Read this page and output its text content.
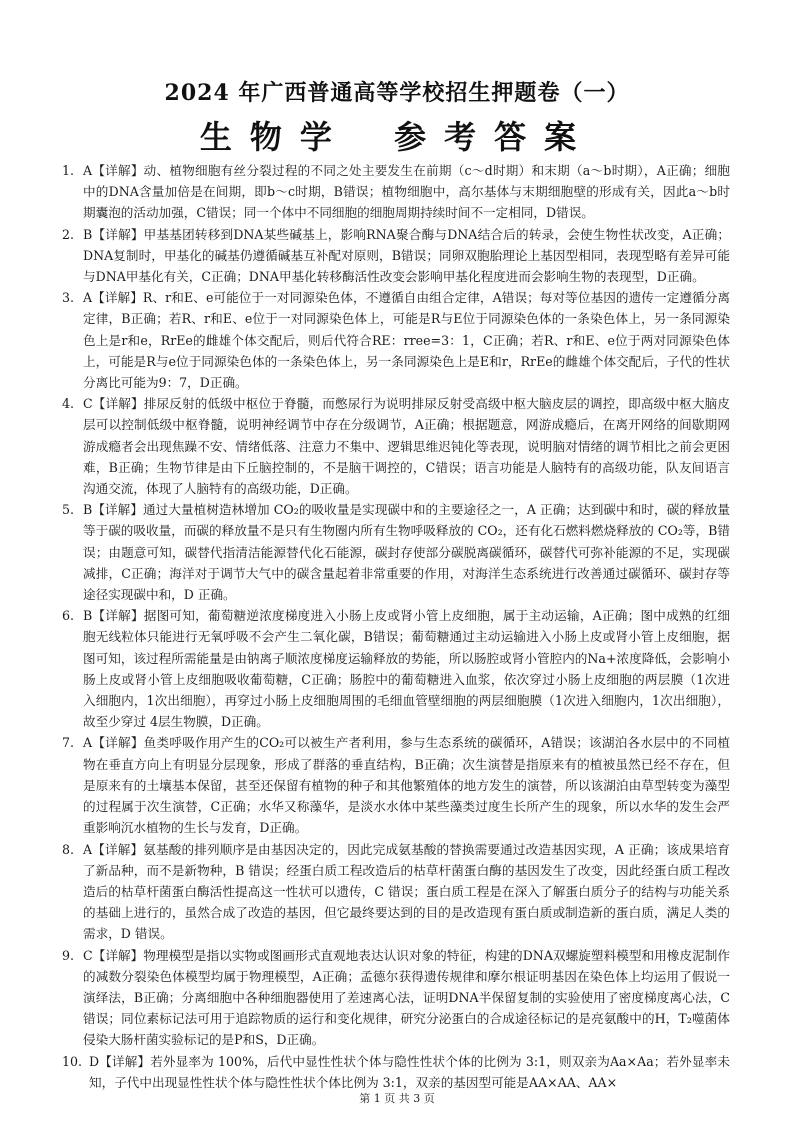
2024 年广西普通高等学校招生押题卷（一）
生物学 参考答案
1. A【详解】动、植物细胞有丝分裂过程的不同之处主要发生在前期（c～d时期）和末期（a～b时期），A正确；细胞中的DNA含量加倍是在间期，即b～c时期，B错误；植物细胞中，高尔基体与末期细胞壁的形成有关，因此a～b时期囊泡的活动加强，C错误；同一个体中不同细胞的细胞周期持续时间不一定相同，D错误。
2. B【详解】甲基基团转移到DNA某些碱基上，影响RNA聚合酶与DNA结合后的转录，会使生物性状改变，A正确；DNA复制时，甲基化的碱基仍遵循碱基互补配对原则，B错误；同卵双胞胎理论上基因型相同，表现型略有差异可能与DNA甲基化有关，C正确；DNA甲基化转移酶活性改变会影响甲基化程度进而会影响生物的表现型，D正确。
3. A【详解】R、r和E、e可能位于一对同源染色体，不遵循自由组合定律，A错误；每对等位基因的遗传一定遵循分离定律，B正确；若R、r和E、e位于一对同源染色体上，可能是R与E位于同源染色体的一条染色体上，另一条同源染色上是r和e，RrEe的雌雄个体交配后，则后代符合RE：rree=3：1，C正确；若R、r和E、e位于两对同源染色体上，可能是R与e位于同源染色体的一条染色体上，另一条同源染色上是E和r，RrEe的雌雄个体交配后，子代的性状分离比可能为9：7，D正确。
4. C【详解】排尿反射的低级中枢位于脊髓，而憋尿行为说明排尿反射受高级中枢大脑皮层的调控，即高级中枢大脑皮层可以控制低级中枢脊髓，说明神经调节中存在分级调节，A正确；根据题意，网游成瘾后，在离开网络的间歇期网游成瘾者会出现焦躁不安、情绪低落、注意力不集中、逻辑思维迟钝化等表现，说明脑对情绪的调节相比之前会更困难，B正确；生物节律是由下丘脑控制的，不是脑干调控的，C错误；语言功能是人脑特有的高级功能，队友间语言沟通交流，体现了人脑特有的高级功能，D正确。
5. B【详解】通过大量植树造林增加 CO₂的吸收量是实现碳中和的主要途径之一，A 正确；达到碳中和时，碳的释放量等于碳的吸收量，而碳的释放量不是只有生物圈内所有生物呼吸释放的 CO₂，还有化石燃料燃烧释放的 CO₂等，B错误；由题意可知，碳替代指清洁能源替代化石能源，碳封存使部分碳脱离碳循环，碳替代可弥补能源的不足，实现碳减排，C正确；海洋对于调节大气中的碳含量起着非常重要的作用，对海洋生态系统进行改善通过碳循环、碳封存等途径实现碳中和，D 正确。
6. B【详解】据图可知，葡萄糖逆浓度梯度进入小肠上皮或肾小管上皮细胞，属于主动运输，A正确；图中成熟的红细胞无线粒体只能进行无氧呼吸不会产生二氧化碳，B错误；葡萄糖通过主动运输进入小肠上皮或肾小管上皮细胞，据图可知，该过程所需能量是由钠离子顺浓度梯度运输释放的势能，所以肠腔或肾小管腔内的Na+浓度降低，会影响小肠上皮或肾小管上皮细胞吸收葡萄糖，C正确；肠腔中的葡萄糖进入血浆，依次穿过小肠上皮细胞的两层膜（1次进入细胞内，1次出细胞），再穿过小肠上皮细胞周围的毛细血管壁细胞的两层细胞膜（1次进入细胞内，1次出细胞），故至少穿过 4层生物膜，D正确。
7. A【详解】鱼类呼吸作用产生的CO₂可以被生产者利用，参与生态系统的碳循环，A错误；该湖泊各水层中的不同植物在垂直方向上有明显分层现象，形成了群落的垂直结构，B正确；次生演替是指原来有的植被虽然已经不存在，但是原来有的土壤基本保留，甚至还保留有植物的种子和其他繁殖体的地方发生的演替，所以该湖泊由草型转变为藻型的过程属于次生演替，C正确；水华又称藻华，是淡水水体中某些藻类过度生长所产生的现象，所以水华的发生会严重影响沉水植物的生长与发育，D正确。
8. A【详解】氨基酸的排列顺序是由基因决定的，因此完成氨基酸的替换需要通过改造基因实现，A 正确；该成果培育了新品种，而不是新物种，B 错误；经蛋白质工程改造后的枯草杆菌蛋白酶的基因发生了改变，因此经蛋白质工程改造后的枯草杆菌蛋白酶活性提高这一性状可以遗传，C 错误；蛋白质工程是在深入了解蛋白质分子的结构与功能关系的基础上进行的，虽然合成了改造的基因，但它最终要达到的目的是改造现有蛋白质或制造新的蛋白质，满足人类的需求，D 错误。
9. C【详解】物理模型是指以实物或图画形式直观地表达认识对象的特征，构建的DNA双螺旋塑料模型和用橡皮泥制作的减数分裂染色体模型均属于物理模型，A正确；孟德尔获得遗传规律和摩尔根证明基因在染色体上均运用了假说一演绎法，B正确；分离细胞中各种细胞器使用了差速离心法，证明DNA半保留复制的实验使用了密度梯度离心法，C错误；同位素标记法可用于追踪物质的运行和变化规律，研究分泌蛋白的合成途径标记的是亮氨酸中的H，T₂噬菌体侵染大肠杆菌实验标记的是P和S，D正确。
10. D【详解】若外显率为 100%，后代中显性性状个体与隐性性状个体的比例为 3:1，则双亲为Aa×Aa；若外显率未知，子代中出现显性性状个体与隐性性状个体比例为 3:1，双亲的基因型可能是AA×AA、AA×
第 1 页 共 3 页
